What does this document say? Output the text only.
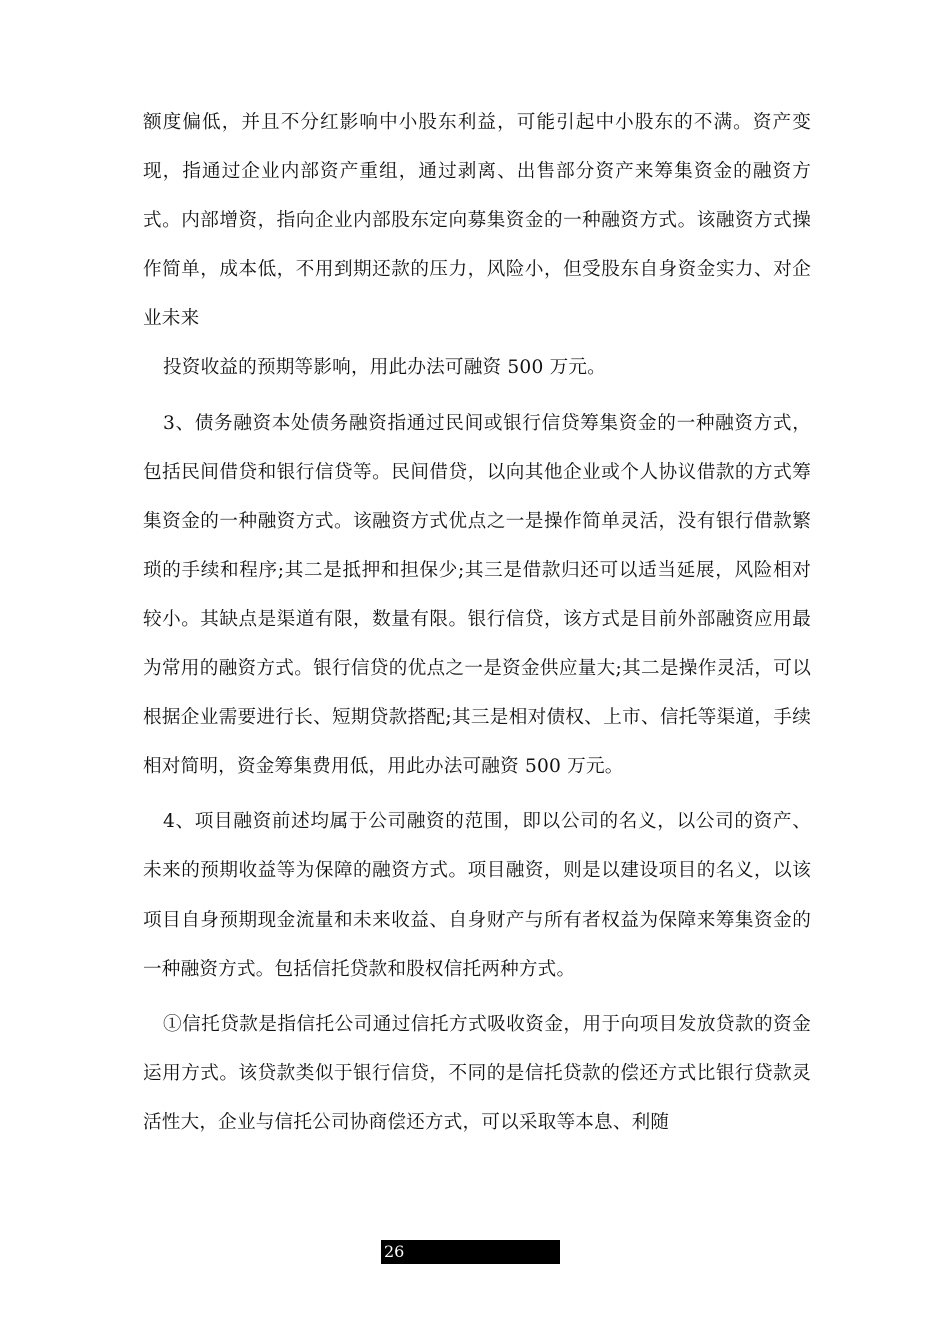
额度偏低，并且不分红影响中小股东利益，可能引起中小股东的不满。资产变现，指通过企业内部资产重组，通过剥离、出售部分资产来筹集资金的融资方式。内部增资，指向企业内部股东定向募集资金的一种融资方式。该融资方式操作简单，成本低，不用到期还款的压力，风险小，但受股东自身资金实力、对企业未来

投资收益的预期等影响，用此办法可融资 500 万元。

3、债务融资本处债务融资指通过民间或银行信贷筹集资金的一种融资方式，包括民间借贷和银行信贷等。民间借贷，以向其他企业或个人协议借款的方式筹集资金的一种融资方式。该融资方式优点之一是操作简单灵活，没有银行借款繁琐的手续和程序;其二是抵押和担保少;其三是借款归还可以适当延展，风险相对较小。其缺点是渠道有限，数量有限。银行信贷，该方式是目前外部融资应用最为常用的融资方式。银行信贷的优点之一是资金供应量大;其二是操作灵活，可以根据企业需要进行长、短期贷款搭配;其三是相对债权、上市、信托等渠道，手续相对简明，资金筹集费用低，用此办法可融资 500 万元。

4、项目融资前述均属于公司融资的范围，即以公司的名义，以公司的资产、未来的预期收益等为保障的融资方式。项目融资，则是以建设项目的名义，以该项目自身预期现金流量和未来收益、自身财产与所有者权益为保障来筹集资金的一种融资方式。包括信托贷款和股权信托两种方式。

①信托贷款是指信托公司通过信托方式吸收资金，用于向项目发放贷款的资金运用方式。该贷款类似于银行信贷，不同的是信托贷款的偿还方式比银行贷款灵活性大，企业与信托公司协商偿还方式，可以采取等本息、利随

26
